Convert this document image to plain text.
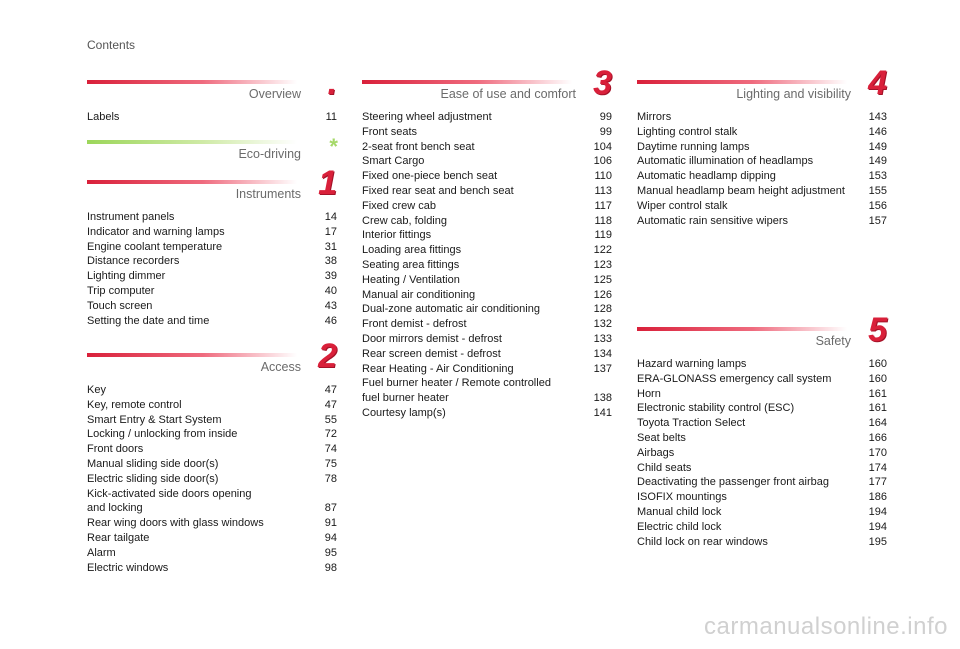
Contents
Overview .
Labels	11
Eco-driving *
Instruments 1
Instrument panels	14
Indicator and warning lamps	17
Engine coolant temperature	31
Distance recorders	38
Lighting dimmer	39
Trip computer	40
Touch screen	43
Setting the date and time	46
Access 2
Key	47
Key, remote control	47
Smart Entry & Start System	55
Locking / unlocking from inside	72
Front doors	74
Manual sliding side door(s)	75
Electric sliding side door(s)	78
Kick-activated side doors opening
and locking	87
Rear wing doors with glass windows	91
Rear tailgate	94
Alarm	95
Electric windows	98
Ease of use and comfort 3
Steering wheel adjustment	99
Front seats	99
2-seat front bench seat	104
Smart Cargo	106
Fixed one-piece bench seat	110
Fixed rear seat and bench seat	113
Fixed crew cab	117
Crew cab, folding	118
Interior fittings	119
Loading area fittings	122
Seating area fittings	123
Heating / Ventilation	125
Manual air conditioning	126
Dual-zone automatic air conditioning	128
Front demist - defrost	132
Door mirrors demist - defrost	133
Rear screen demist - defrost	134
Rear Heating - Air Conditioning	137
Fuel burner heater / Remote controlled
fuel burner heater	138
Courtesy lamp(s)	141
Lighting and visibility 4
Mirrors	143
Lighting control stalk	146
Daytime running lamps	149
Automatic illumination of headlamps	149
Automatic headlamp dipping	153
Manual headlamp beam height adjustment	155
Wiper control stalk	156
Automatic rain sensitive wipers	157
Safety 5
Hazard warning lamps	160
ERA-GLONASS emergency call system	160
Horn	161
Electronic stability control (ESC)	161
Toyota Traction Select	164
Seat belts	166
Airbags	170
Child seats	174
Deactivating the passenger front airbag	177
ISOFIX mountings	186
Manual child lock	194
Electric child lock	194
Child lock on rear windows	195
carmanualsonline.info
